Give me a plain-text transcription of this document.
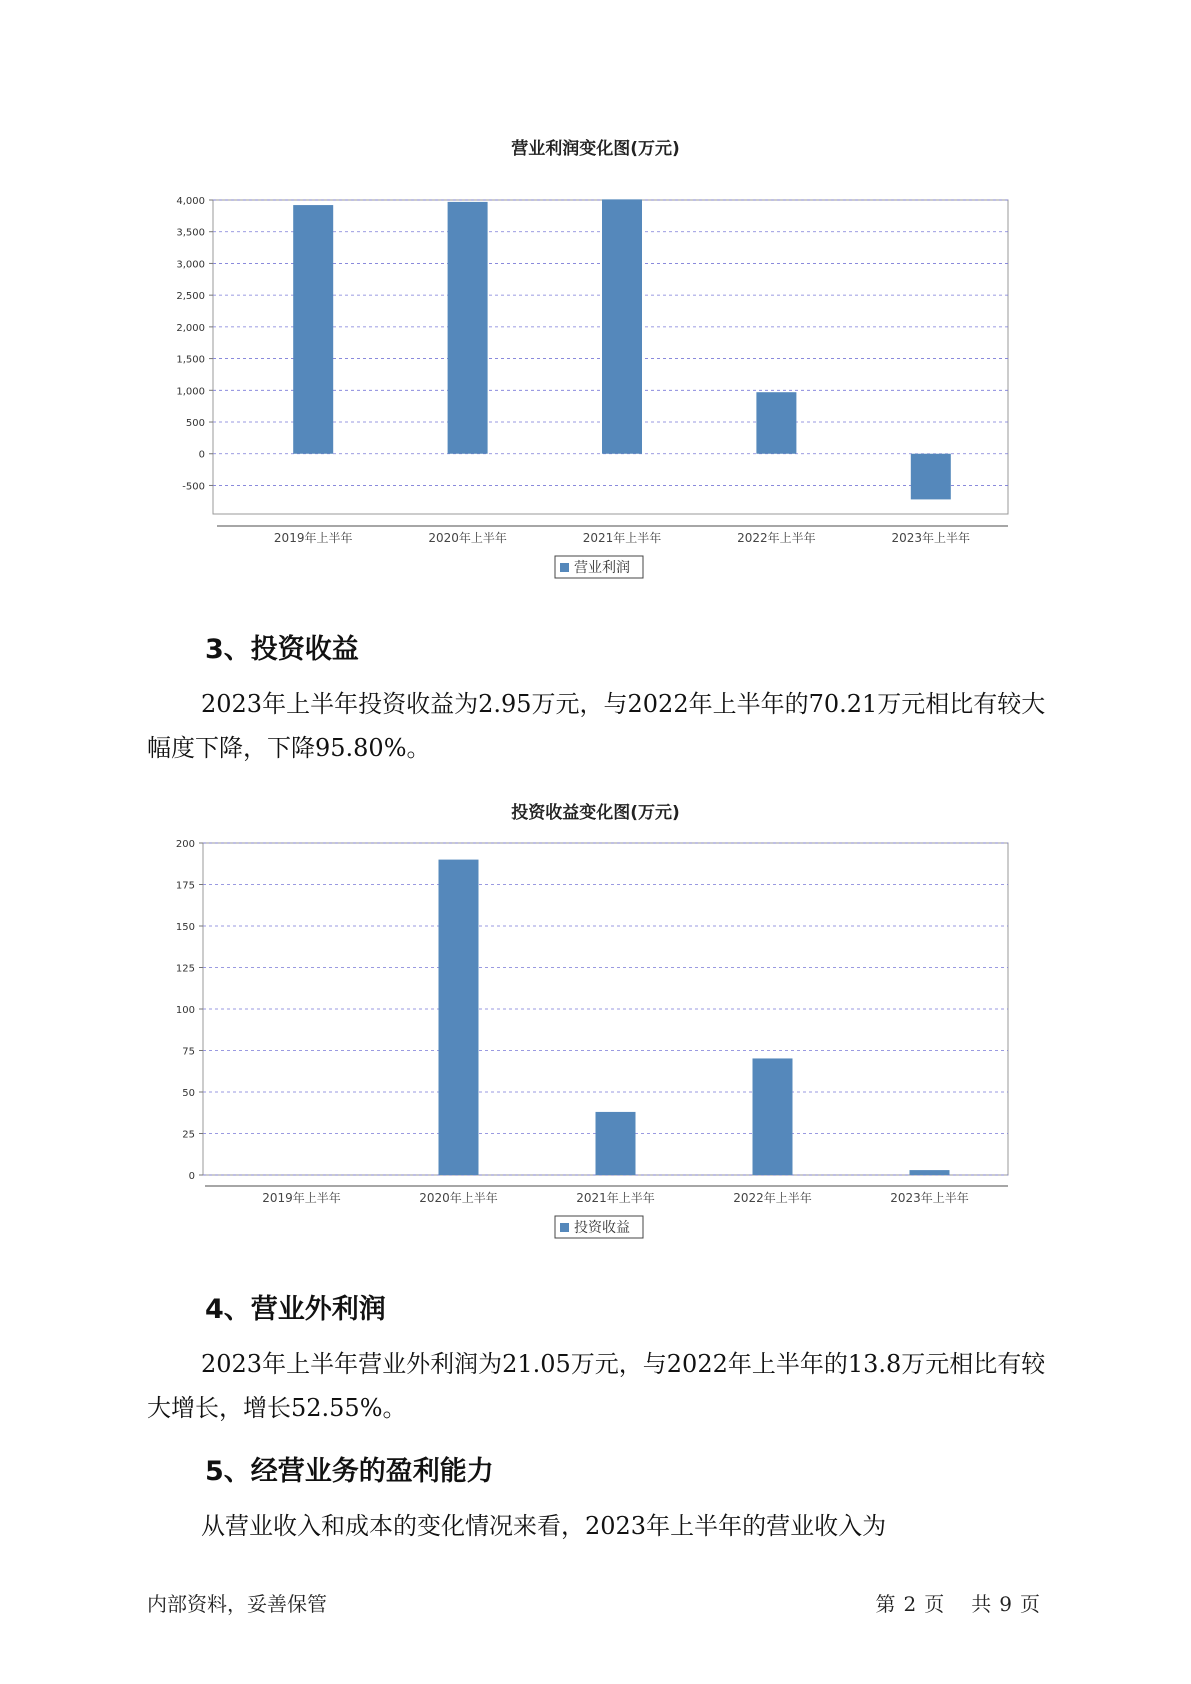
营业利润变化图(万元)
4,000
3,500
3,000
2,500
2,000
1,500
1,000
500
0
-500
2019年上半年	2020年上半年	2021年上半年	2022年上半年	2023年上半年
营业利润
3、投资收益

2023年上半年投资收益为2.95万元，与2022年上半年的70.21万元相比有较大幅度下降，下降95.80%。

投资收益变化图(万元)
200
175
150
125
100
75
50
25
0
2019年上半年	2020年上半年	2021年上半年	2022年上半年	2023年上半年
投资收益
4、营业外利润

2023年上半年营业外利润为21.05万元，与2022年上半年的13.8万元相比有较大增长，增长52.55%。

5、经营业务的盈利能力

从营业收入和成本的变化情况来看，2023年上半年的营业收入为

内部资料，妥善保管	第 2 页 共 9 页
